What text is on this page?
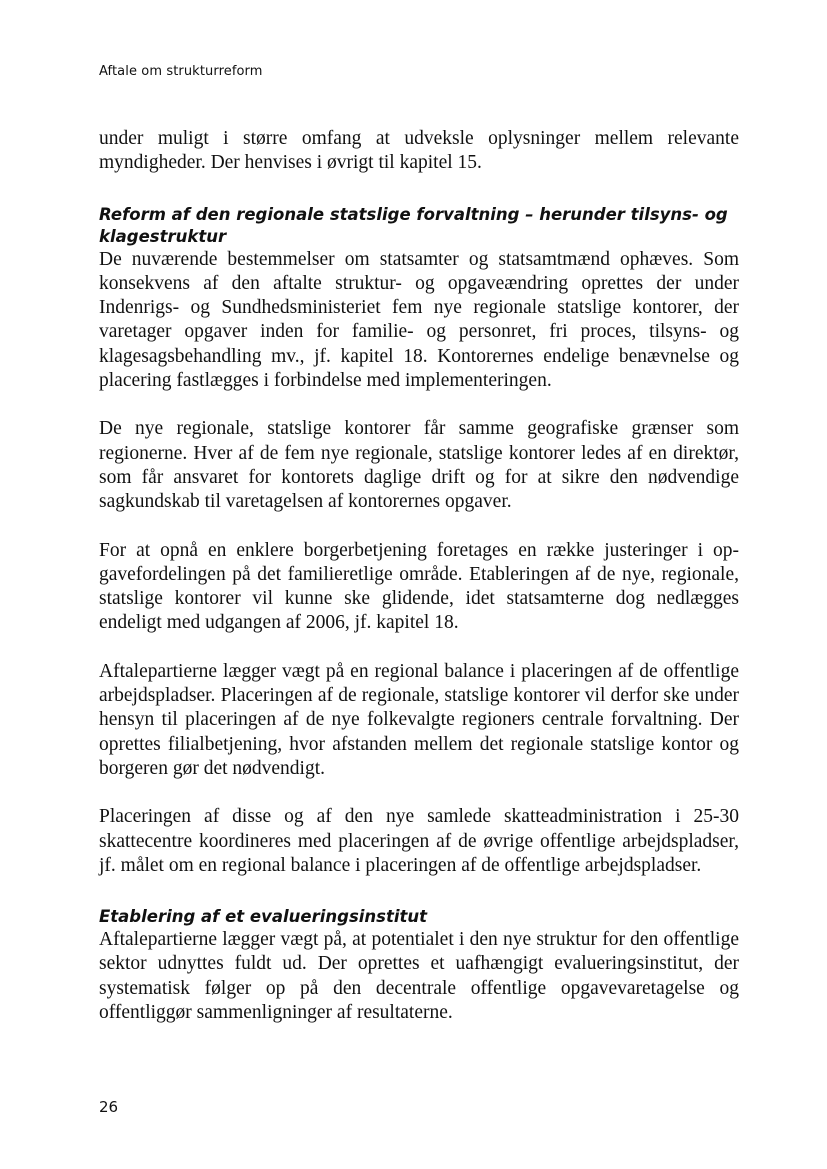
Aftale om strukturreform

under muligt i større omfang at udveksle oplysninger mellem relevante myndigheder. Der henvises i øvrigt til kapitel 15.

Reform af den regionale statslige forvaltning – herunder tilsyns- og klagestruktur

De nuværende bestemmelser om statsamter og statsamtmænd ophæves. Som konsekvens af den aftalte struktur- og opgaveændring oprettes der under Indenrigs- og Sundhedsministeriet fem nye regionale statslige kontorer, der varetager opgaver inden for familie- og personret, fri proces, tilsyns- og klagesagsbehandling mv., jf. kapitel 18. Kontorernes endelige benævnelse og placering fastlægges i forbindelse med implementeringen.

De nye regionale, statslige kontorer får samme geografiske grænser som regionerne. Hver af de fem nye regionale, statslige kontorer ledes af en direktør, som får ansvaret for kontorets daglige drift og for at sikre den nødvendige sagkundskab til varetagelsen af kontorernes opgaver.

For at opnå en enklere borgerbetjening foretages en række justeringer i opgavefordelingen på det familieretlige område. Etableringen af de nye, regionale, statslige kontorer vil kunne ske glidende, idet statsamterne dog nedlægges endeligt med udgangen af 2006, jf. kapitel 18.

Aftalepartierne lægger vægt på en regional balance i placeringen af de offentlige arbejdspladser. Placeringen af de regionale, statslige kontorer vil derfor ske under hensyn til placeringen af de nye folkevalgte regioners centrale forvaltning. Der oprettes filialbetjening, hvor afstanden mellem det regionale statslige kontor og borgeren gør det nødvendigt.

Placeringen af disse og af den nye samlede skatteadministration i 25-30 skattecentre koordineres med placeringen af de øvrige offentlige arbejdspladser, jf. målet om en regional balance i placeringen af de offentlige arbejdspladser.

Etablering af et evalueringsinstitut

Aftalepartierne lægger vægt på, at potentialet i den nye struktur for den offentlige sektor udnyttes fuldt ud. Der oprettes et uafhængigt evalueringsinstitut, der systematisk følger op på den decentrale offentlige opgavevaretagelse og offentliggør sammenligninger af resultaterne.

26
